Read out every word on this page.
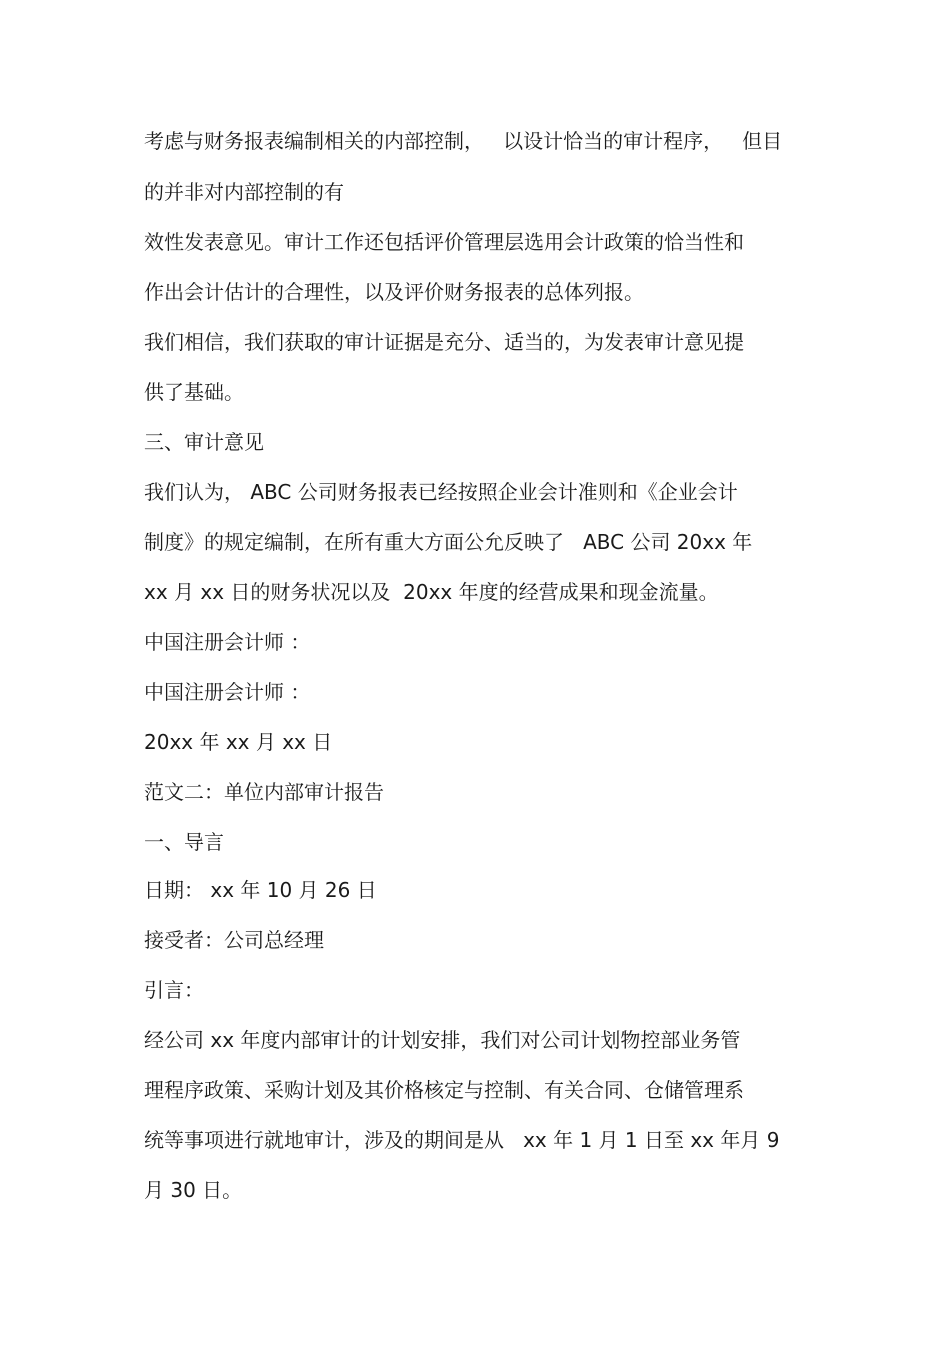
考虑与财务报表编制相关的内部控制，   以设计恰当的审计程序，   但目

的并非对内部控制的有

效性发表意见。审计工作还包括评价管理层选用会计政策的恰当性和

作出会计估计的合理性，以及评价财务报表的总体列报。

我们相信，我们获取的审计证据是充分、适当的，为发表审计意见提

供了基础。

三、审计意见

我们认为， ABC 公司财务报表已经按照企业会计准则和《企业会计

制度》的规定编制，在所有重大方面公允反映了   ABC 公司 20xx 年

xx 月 xx 日的财务状况以及  20xx 年度的经营成果和现金流量。

中国注册会计师 ：

中国注册会计师 ：

20xx 年 xx 月 xx 日

范文二：单位内部审计报告

一、导言

日期： xx 年 10 月 26 日

接受者：公司总经理

引言：

经公司 xx 年度内部审计的计划安排，我们对公司计划物控部业务管

理程序政策、采购计划及其价格核定与控制、有关合同、仓储管理系

统等事项进行就地审计，涉及的期间是从   xx 年 1 月 1 日至 xx 年月 9

月 30 日。
